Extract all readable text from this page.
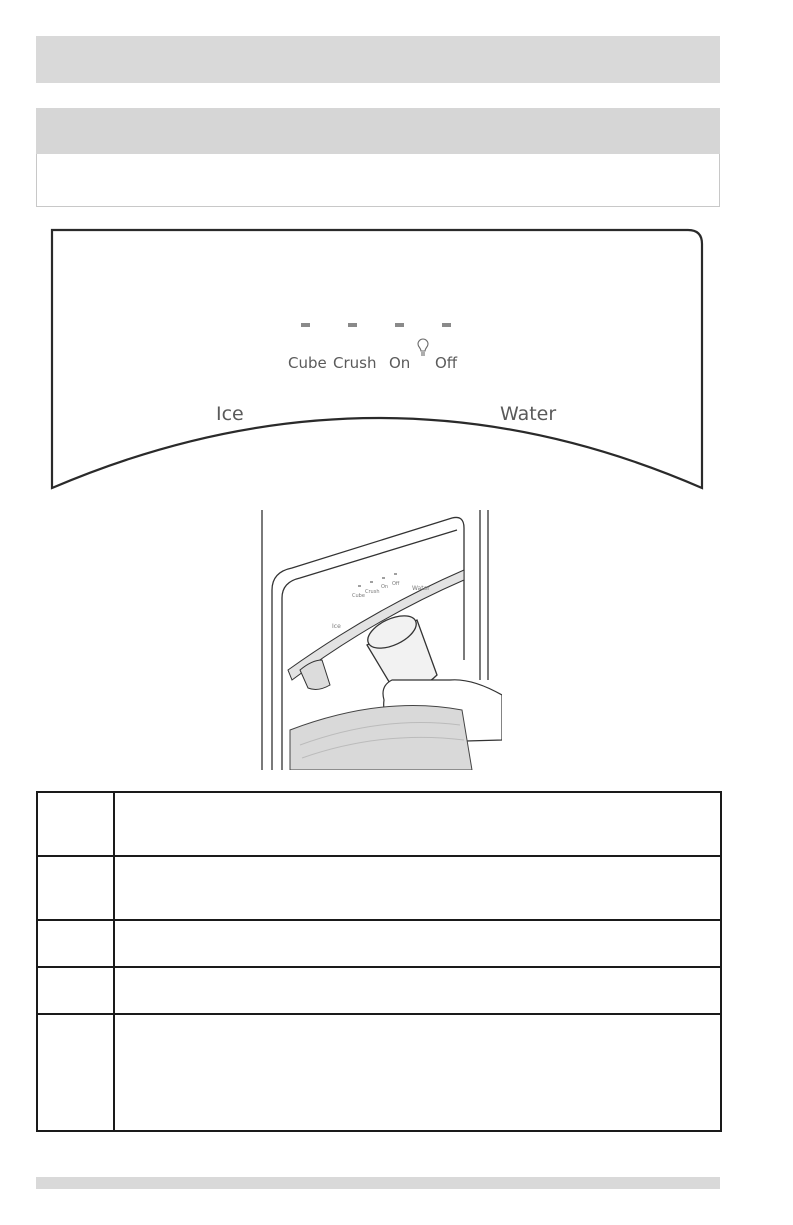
Cube Crush On Off
Ice	Water
Cube
Crush
On Off
Ice
Water
